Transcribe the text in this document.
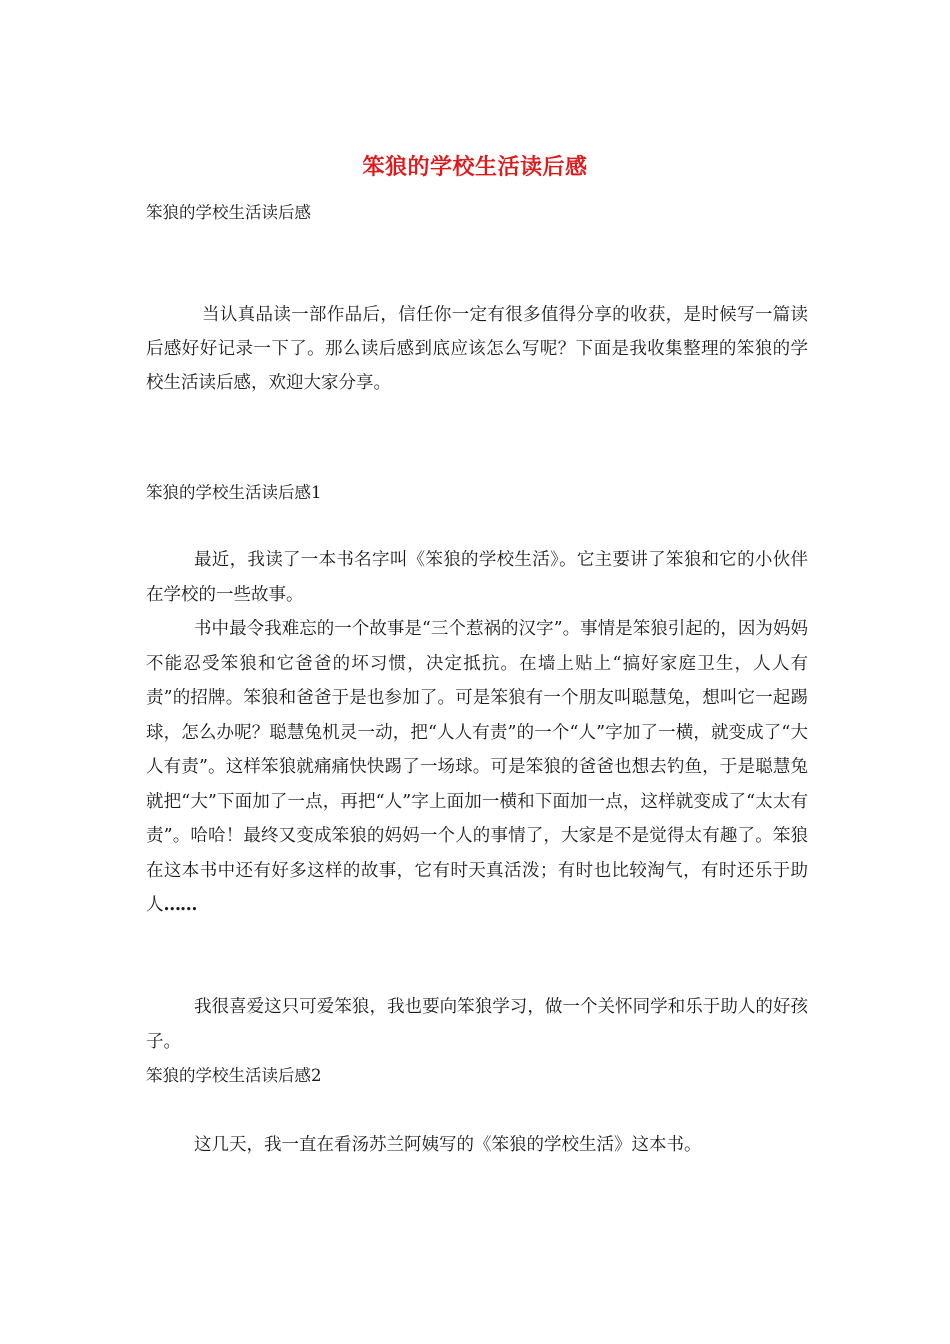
笨狼的学校生活读后感
笨狼的学校生活读后感

当认真品读一部作品后，信任你一定有很多值得分享的收获，是时候写一篇读后感好好记录一下了。那么读后感到底应该怎么写呢？下面是我收集整理的笨狼的学校生活读后感，欢迎大家分享。

笨狼的学校生活读后感1

最近，我读了一本书名字叫《笨狼的学校生活》。它主要讲了笨狼和它的小伙伴在学校的一些故事。

书中最令我难忘的一个故事是“三个惹祸的汉字”。事情是笨狼引起的，因为妈妈不能忍受笨狼和它爸爸的坏习惯，决定抵抗。在墙上贴上“搞好家庭卫生，人人有责”的招牌。笨狼和爸爸于是也参加了。可是笨狼有一个朋友叫聪慧兔，想叫它一起踢球，怎么办呢？聪慧兔机灵一动，把“人人有责”的一个“人”字加了一横，就变成了“大人有责”。这样笨狼就痛痛快快踢了一场球。可是笨狼的爸爸也想去钓鱼，于是聪慧兔就把“大”下面加了一点，再把“人”字上面加一横和下面加一点，这样就变成了“太太有责”。哈哈！最终又变成笨狼的妈妈一个人的事情了，大家是不是觉得太有趣了。笨狼在这本书中还有好多这样的故事，它有时天真活泼；有时也比较淘气，有时还乐于助人……

我很喜爱这只可爱笨狼，我也要向笨狼学习，做一个关怀同学和乐于助人的好孩子。

笨狼的学校生活读后感2

这几天，我一直在看汤苏兰阿姨写的《笨狼的学校生活》这本书。
